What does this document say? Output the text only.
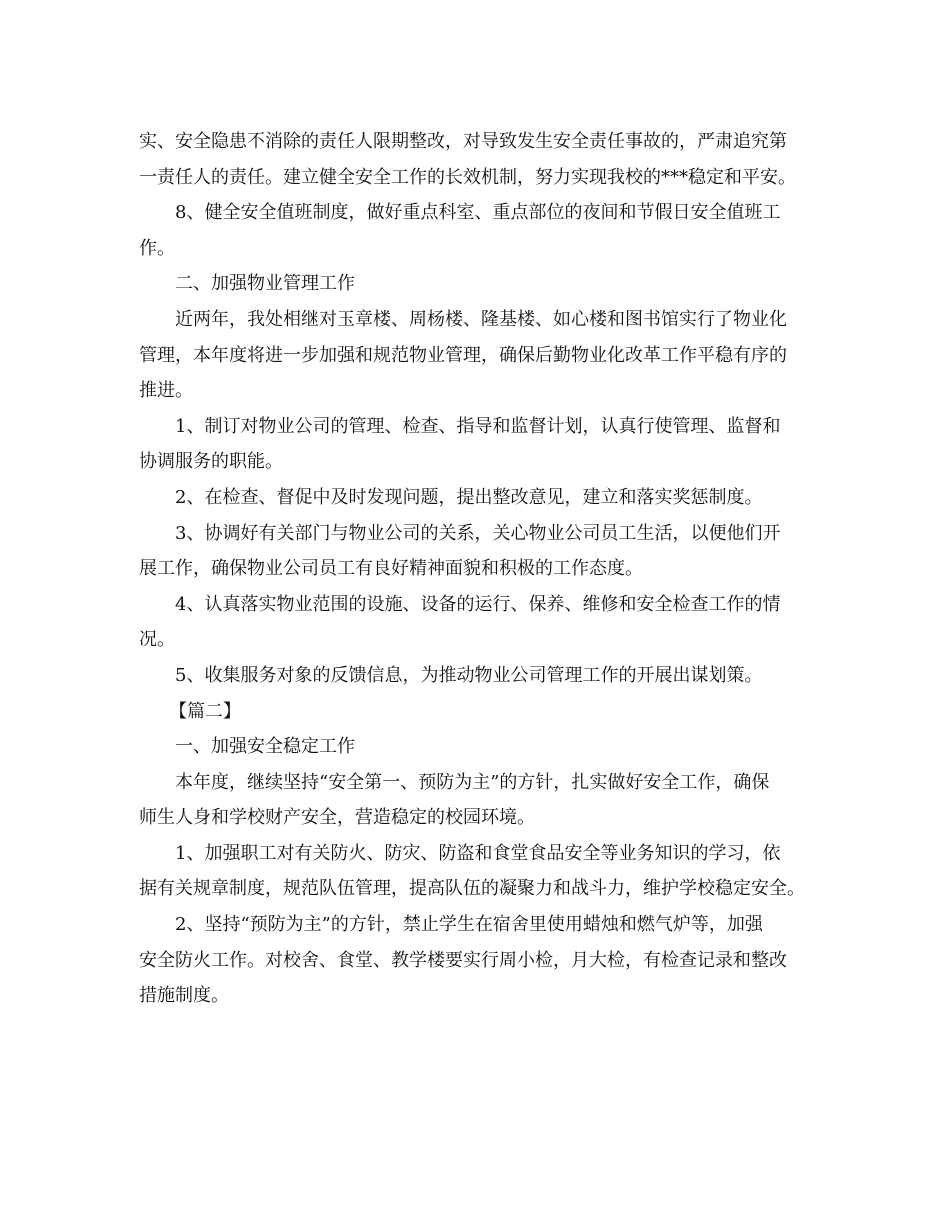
实、安全隐患不消除的责任人限期整改，对导致发生安全责任事故的，严肃追究第

一责任人的责任。建立健全安全工作的长效机制，努力实现我校的***稳定和平安。

8、健全安全值班制度，做好重点科室、重点部位的夜间和节假日安全值班工

作。

二、加强物业管理工作

近两年，我处相继对玉章楼、周杨楼、隆基楼、如心楼和图书馆实行了物业化

管理，本年度将进一步加强和规范物业管理，确保后勤物业化改革工作平稳有序的

推进。

1、制订对物业公司的管理、检查、指导和监督计划，认真行使管理、监督和

协调服务的职能。

2、在检查、督促中及时发现问题，提出整改意见，建立和落实奖惩制度。

3、协调好有关部门与物业公司的关系，关心物业公司员工生活，以便他们开

展工作，确保物业公司员工有良好精神面貌和积极的工作态度。

4、认真落实物业范围的设施、设备的运行、保养、维修和安全检查工作的情

况。

5、收集服务对象的反馈信息，为推动物业公司管理工作的开展出谋划策。

【篇二】

一、加强安全稳定工作

本年度，继续坚持“安全第一、预防为主”的方针，扎实做好安全工作，确保

师生人身和学校财产安全，营造稳定的校园环境。

1、加强职工对有关防火、防灾、防盗和食堂食品安全等业务知识的学习，依

据有关规章制度，规范队伍管理，提高队伍的凝聚力和战斗力，维护学校稳定安全。

2、坚持“预防为主”的方针，禁止学生在宿舍里使用蜡烛和燃气炉等，加强

安全防火工作。对校舍、食堂、教学楼要实行周小检，月大检，有检查记录和整改

措施制度。
